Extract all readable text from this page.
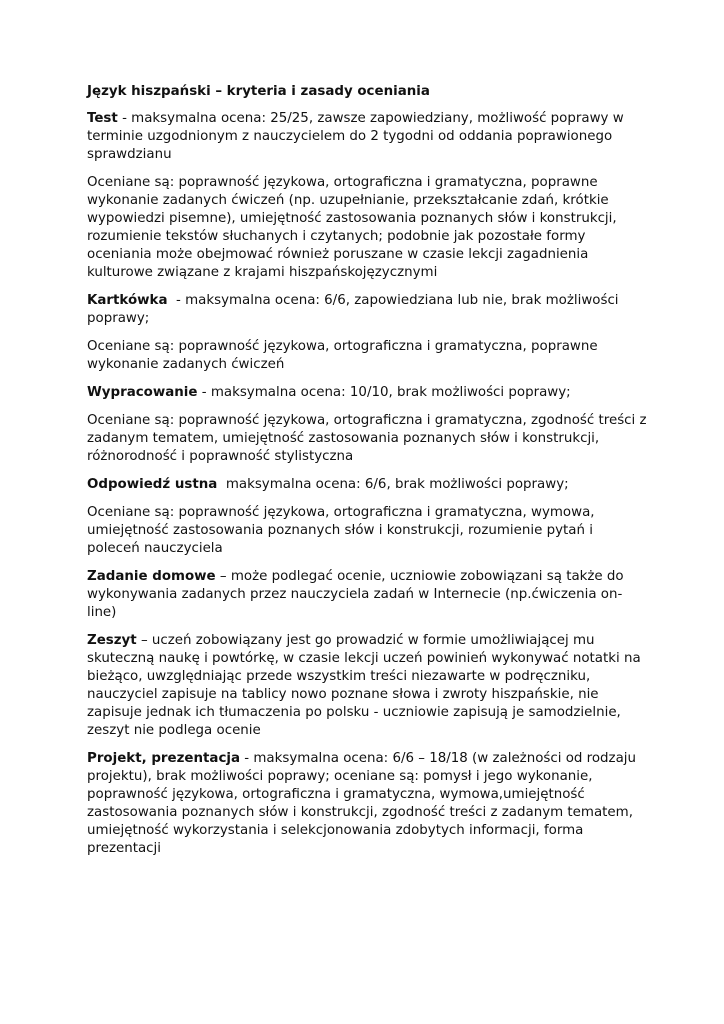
Język hiszpański – kryteria i zasady oceniania

Test - maksymalna ocena: 25/25, zawsze zapowiedziany, możliwość poprawy w terminie uzgodnionym z nauczycielem do 2 tygodni od oddania poprawionego sprawdzianu

Oceniane są: poprawność językowa, ortograficzna i gramatyczna, poprawne wykonanie zadanych ćwiczeń (np. uzupełnianie, przekształcanie zdań, krótkie wypowiedzi pisemne), umiejętność zastosowania poznanych słów i konstrukcji, rozumienie tekstów słuchanych i czytanych; podobnie jak pozostałe formy oceniania może obejmować również poruszane w czasie lekcji zagadnienia kulturowe związane z krajami hiszpańskojęzycznymi

Kartkówka  - maksymalna ocena: 6/6, zapowiedziana lub nie, brak możliwości poprawy;

Oceniane są: poprawność językowa, ortograficzna i gramatyczna, poprawne wykonanie zadanych ćwiczeń

Wypracowanie - maksymalna ocena: 10/10, brak możliwości poprawy;

Oceniane są: poprawność językowa, ortograficzna i gramatyczna, zgodność treści z zadanym tematem, umiejętność zastosowania poznanych słów i konstrukcji, różnorodność i poprawność stylistyczna

Odpowiedź ustna  maksymalna ocena: 6/6, brak możliwości poprawy;

Oceniane są: poprawność językowa, ortograficzna i gramatyczna, wymowa, umiejętność zastosowania poznanych słów i konstrukcji, rozumienie pytań i poleceń nauczyciela

Zadanie domowe – może podlegać ocenie, uczniowie zobowiązani są także do wykonywania zadanych przez nauczyciela zadań w Internecie (np.ćwiczenia on-line)

Zeszyt – uczeń zobowiązany jest go prowadzić w formie umożliwiającej mu skuteczną naukę i powtórkę, w czasie lekcji uczeń powinień wykonywać notatki na bieżąco, uwzględniając przede wszystkim treści niezawarte w podręczniku, nauczyciel zapisuje na tablicy nowo poznane słowa i zwroty hiszpańskie, nie zapisuje jednak ich tłumaczenia po polsku - uczniowie zapisują je samodzielnie, zeszyt nie podlega ocenie

Projekt, prezentacja - maksymalna ocena: 6/6 – 18/18 (w zależności od rodzaju projektu), brak możliwości poprawy; oceniane są: pomysł i jego wykonanie, poprawność językowa, ortograficzna i gramatyczna, wymowa,umiejętność zastosowania poznanych słów i konstrukcji, zgodność treści z zadanym tematem, umiejętność wykorzystania i selekcjonowania zdobytych informacji, forma prezentacji
